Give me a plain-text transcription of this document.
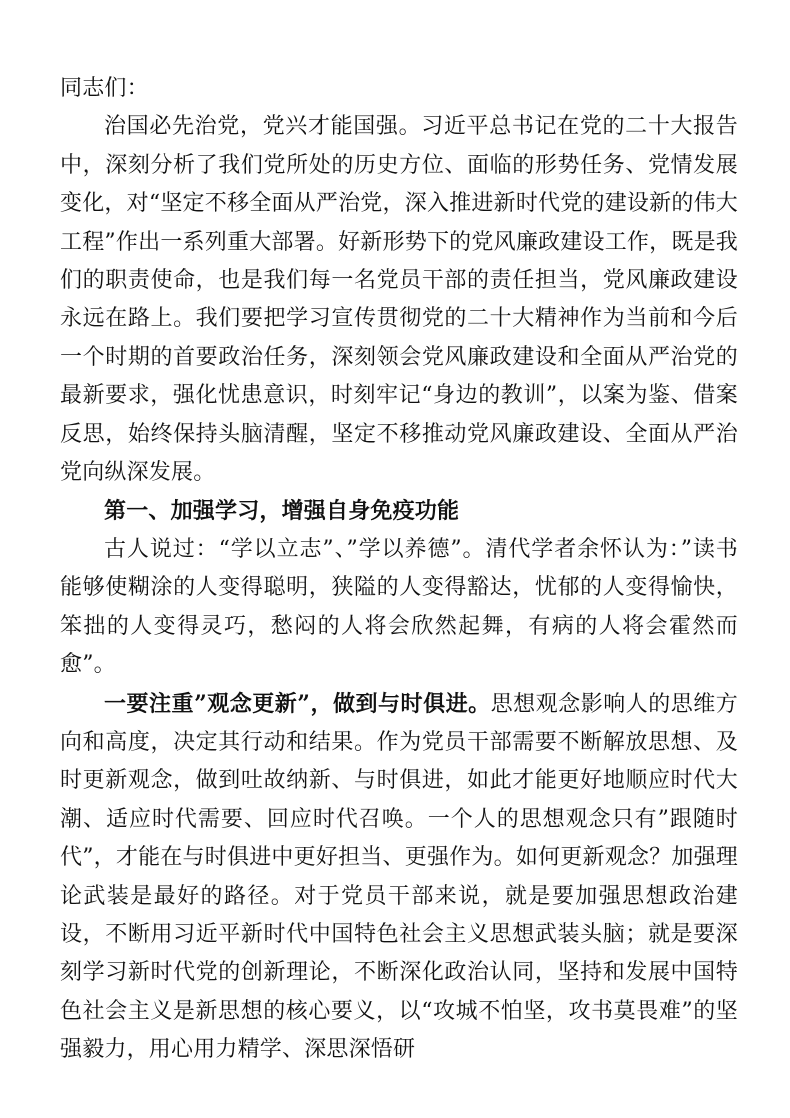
同志们：

治国必先治党，党兴才能国强。习近平总书记在党的二十大报告中，深刻分析了我们党所处的历史方位、面临的形势任务、党情发展变化，对“坚定不移全面从严治党，深入推进新时代党的建设新的伟大工程”作出一系列重大部署。好新形势下的党风廉政建设工作，既是我们的职责使命，也是我们每一名党员干部的责任担当，党风廉政建设永远在路上。我们要把学习宣传贯彻党的二十大精神作为当前和今后一个时期的首要政治任务，深刻领会党风廉政建设和全面从严治党的最新要求，强化忧患意识，时刻牢记“身边的教训”，以案为鉴、借案反思，始终保持头脑清醒，坚定不移推动党风廉政建设、全面从严治党向纵深发展。

第一、加强学习，增强自身免疫功能

古人说过：“学以立志”、”学以养德”。清代学者余怀认为：”读书能够使糊涂的人变得聪明，狭隘的人变得豁达，忧郁的人变得愉快，笨拙的人变得灵巧，愁闷的人将会欣然起舞，有病的人将会霍然而愈”。

一要注重”观念更新”，做到与时俱进。思想观念影响人的思维方向和高度，决定其行动和结果。作为党员干部需要不断解放思想、及时更新观念，做到吐故纳新、与时俱进，如此才能更好地顺应时代大潮、适应时代需要、回应时代召唤。一个人的思想观念只有”跟随时代”，才能在与时俱进中更好担当、更强作为。如何更新观念？加强理论武装是最好的路径。对于党员干部来说，就是要加强思想政治建设，不断用习近平新时代中国特色社会主义思想武装头脑；就是要深刻学习新时代党的创新理论，不断深化政治认同，坚持和发展中国特色社会主义是新思想的核心要义，以“攻城不怕坚，攻书莫畏难”的坚强毅力，用心用力精学、深思深悟研
